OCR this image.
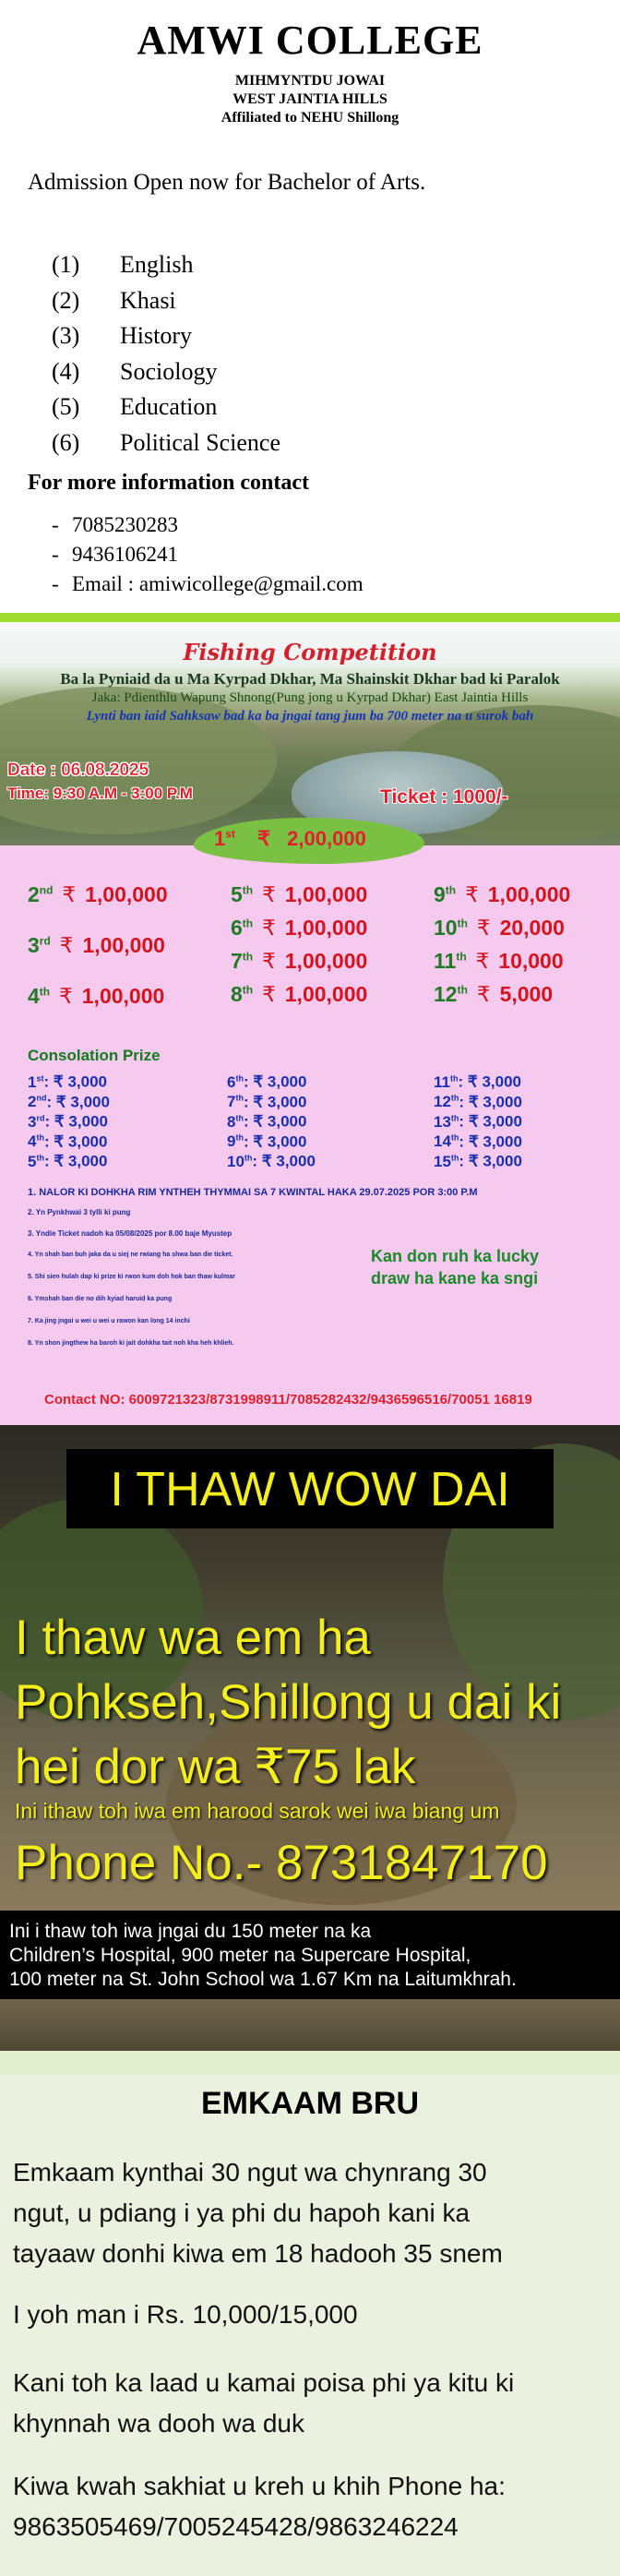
AMWI COLLEGE
MIHMYNTDU JOWAI
WEST JAINTIA HILLS
Affiliated to NEHU Shillong
Admission Open now for Bachelor of Arts.
(1) English
(2) Khasi
(3) History
(4) Sociology
(5) Education
(6) Political Science
For more information contact
- 7085230283
- 9436106241
- Email : amiwicollege@gmail.com
Fishing Competition
Ba la Pyniaid da u Ma Kyrpad Dkhar, Ma Shainskit Dkhar bad ki Paralok
Jaka: Pdienthlu Wapung Shnong(Pung jong u Kyrpad Dkhar) East Jaintia Hills
Lynti ban iaid Sahksaw bad ka ba jngai tang jum ba 700 meter na u surok bah
Date : 06.08.2025
Time: 9:30 A.M - 3:00 P.M	Ticket : 1000/-
1st ₹ 2,00,000
2nd ₹ 1,00,000
3rd ₹ 1,00,000
4th ₹ 1,00,000
5th ₹ 1,00,000
6th ₹ 1,00,000
7th ₹ 1,00,000
8th ₹ 1,00,000
9th ₹ 1,00,000
10th ₹ 20,000
11th ₹ 10,000
12th ₹ 5,000
Consolation Prize
1st: ₹ 3,000
2nd: ₹ 3,000
3rd: ₹ 3,000
4th: ₹ 3,000
5th: ₹ 3,000
6th: ₹ 3,000
7th: ₹ 3,000
8th: ₹ 3,000
9th: ₹ 3,000
10th: ₹ 3,000
11th: ₹ 3,000
12th: ₹ 3,000
13th: ₹ 3,000
14th: ₹ 3,000
15th: ₹ 3,000
1. NALOR KI DOHKHA RIM YNTHEH THYMMAI SA 7 KWINTAL HAKA 29.07.2025 POR 3:00 P.M
2. Yn Pynkhwai 3 tylli ki pung
3. Yndie Ticket nadoh ka 05/08/2025 por 8.00 baje Myustep
4. Yn shah ban buh jaka da u siej ne rwiang ha shwa ban die ticket.
5. Shi sien hulah dap ki prize ki rwon kum doh hok ban thaw kulmar
6. Ymshah ban die no dih kyiad haruid ka pung
7. Ka jing jngai u wei u wei u rawon kan long 14 inchi
8. Yn shon jingthew ha baroh ki jait dohkha tait noh kha heh khlieh.
Kan don ruh ka lucky
draw ha kane ka sngi
Contact NO: 6009721323/8731998911/7085282432/9436596516/70051 16819
I THAW WOW DAI
I thaw wa em ha
Pohkseh,Shillong u dai ki
hei dor wa ₹75 lak
Ini ithaw toh iwa em harood sarok wei iwa biang um
Phone No.- 8731847170
Ini i thaw toh iwa jngai du 150 meter na ka
Children’s Hospital, 900 meter na Supercare Hospital,
100 meter na St. John School wa 1.67 Km na Laitumkhrah.
EMKAAM BRU
Emkaam kynthai 30 ngut wa chynrang 30
ngut, u pdiang i ya phi du hapoh kani ka
tayaaw donhi kiwa em 18 hadooh 35 snem
I yoh man i Rs. 10,000/15,000
Kani toh ka laad u kamai poisa phi ya kitu ki
khynnah wa dooh wa duk
Kiwa kwah sakhiat u kreh u khih Phone ha:
9863505469/7005245428/9863246224
